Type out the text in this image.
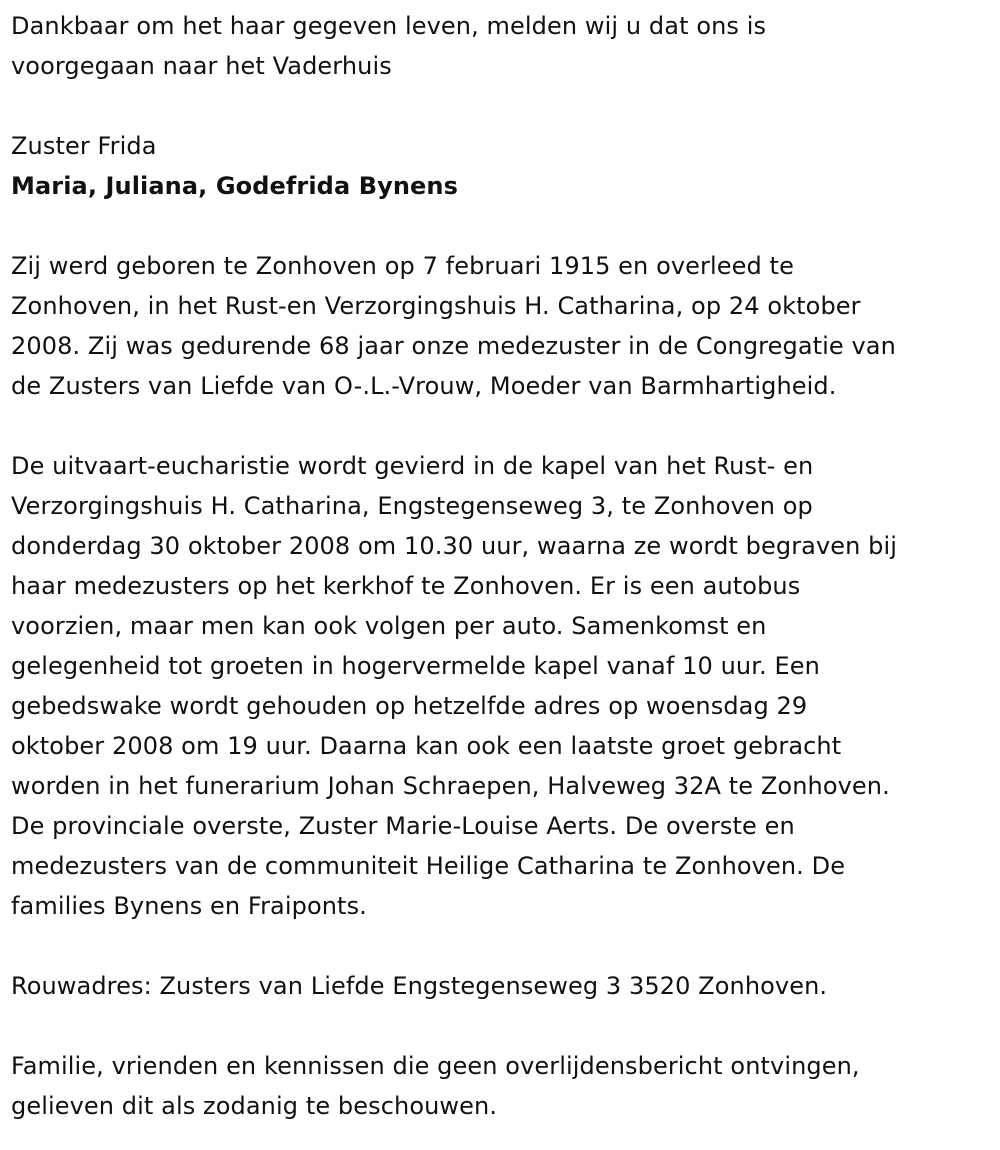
Dankbaar om het haar gegeven leven, melden wij u dat ons is
voorgegaan naar het Vaderhuis

Zuster Frida
Maria, Juliana, Godefrida Bynens

Zij werd geboren te Zonhoven op 7 februari 1915 en overleed te
Zonhoven, in het Rust-en Verzorgingshuis H. Catharina, op 24 oktober
2008. Zij was gedurende 68 jaar onze medezuster in de Congregatie van
de Zusters van Liefde van O-.L.-Vrouw, Moeder van Barmhartigheid.

De uitvaart-eucharistie wordt gevierd in de kapel van het Rust- en
Verzorgingshuis H. Catharina, Engstegenseweg 3, te Zonhoven op
donderdag 30 oktober 2008 om 10.30 uur, waarna ze wordt begraven bij
haar medezusters op het kerkhof te Zonhoven. Er is een autobus
voorzien, maar men kan ook volgen per auto. Samenkomst en
gelegenheid tot groeten in hogervermelde kapel vanaf 10 uur. Een
gebedswake wordt gehouden op hetzelfde adres op woensdag 29
oktober 2008 om 19 uur. Daarna kan ook een laatste groet gebracht
worden in het funerarium Johan Schraepen, Halveweg 32A te Zonhoven.
De provinciale overste, Zuster Marie-Louise Aerts. De overste en
medezusters van de communiteit Heilige Catharina te Zonhoven. De
families Bynens en Fraiponts.

Rouwadres: Zusters van Liefde Engstegenseweg 3 3520 Zonhoven.

Familie, vrienden en kennissen die geen overlijdensbericht ontvingen,
gelieven dit als zodanig te beschouwen.
